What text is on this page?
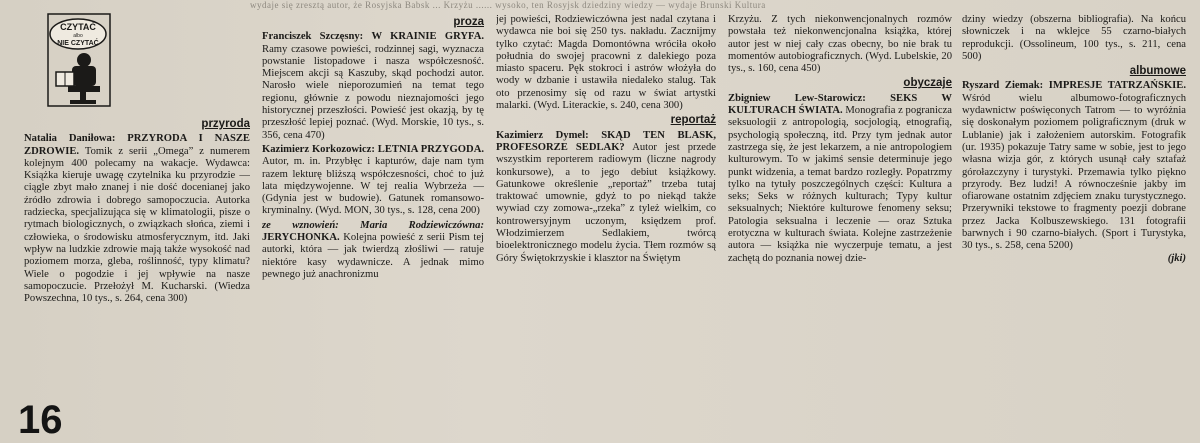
wydaje się zresztą autor, że Rosyjska Babsk ... Krzyżu ...... wysoko, ten Rosyjsk dziedziny wiedzy — wydaje Brunski Kultura
CZYTAĆ
albo
NIE CZYTAĆ
przyroda

Natalia Daniłowa: PRZYRODA I NASZE ZDROWIE. Tomik z serii „Omega” z numerem kolejnym 400 polecamy na wakacje. Wydawca: Książka kieruje uwagę czytelnika ku przyrodzie — ciągle zbyt mało znanej i nie dość docenianej jako źródło zdrowia i dobrego samopoczucia. Autorka radziecka, specjalizująca się w klimatologii, pisze o rytmach biologicznych, o związkach słońca, ziemi i człowieka, o środowisku atmosferycznym, itd. Jaki wpływ na ludzkie zdrowie mają także wysokość nad poziomem morza, gleba, roślinność, typy klimatu? Wiele o pogodzie i jej wpływie na nasze samopoczucie. Przełożył M. Kucharski. (Wiedza Powszechna, 10 tys., s. 264, cena 300)

proza

Franciszek Szczęsny: W KRAINIE GRYFA. Ramy czasowe powieści, rodzinnej sagi, wyznacza powstanie listopadowe i nasza współczesność. Miejscem akcji są Kaszuby, skąd pochodzi autor. Narosło wiele nieporozumień na temat tego regionu, głównie z powodu nieznajomości jego historycznej przeszłości. Powieść jest okazją, by tę przeszłość lepiej poznać. (Wyd. Morskie, 10 tys., s. 356, cena 470)

Kazimierz Korkozowicz: LETNIA PRZYGODA. Autor, m. in. Przybłęc i kapturów, daje nam tym razem lekturę bliższą współczesności, choć to już lata międzywojenne. W tej realia Wybrzeża — (Gdynia jest w budowie). Gatunek romansowo-kryminalny. (Wyd. MON, 30 tys., s. 128, cena 200)

ze wznowień: Maria Rodziewiczówna: JERYCHONKA. Kolejna powieść z serii Pism tej autorki, która — jak twierdzą złośliwi — ratuje niektóre kasy wydawnicze. A jednak mimo pewnego już anachronizmu

jej powieści, Rodziewiczówna jest nadal czytana i wydawca nie boi się 250 tys. nakładu. Zacznijmy tylko czytać: Magda Domontówna wróciła około południa do swojej pracowni z dalekiego poza miasto spaceru. Pęk stokroci i astrów włożyła do wody w dzbanie i ustawiła niedaleko stalug. Tak oto przenosimy się od razu w świat artystki malarki. (Wyd. Literackie, s. 240, cena 300)

reportaż

Kazimierz Dymel: SKĄD TEN BLASK, PROFESORZE SEDLAK? Autor jest przede wszystkim reporterem radiowym (liczne nagrody konkursowe), a to jego debiut książkowy. Gatunkowe określenie „reportaż” trzeba tutaj traktować umownie, gdyż to po niekąd także wywiad czy zomowa-„rzeka” z tyleż wielkim, co kontrowersyjnym uczonym, księdzem prof. Włodzimierzem Sedlakiem, twórcą bioelektronicznego modelu życia. Tłem rozmów są Góry Świętokrzyskie i klasztor na Świętym

Krzyżu. Z tych niekonwencjonalnych rozmów powstała też niekonwencjonalna książka, której autor jest w niej cały czas obecny, bo nie brak tu momentów autobiograficznych. (Wyd. Lubelskie, 20 tys., s. 160, cena 450)

obyczaje

Zbigniew Lew-Starowicz: SEKS W KULTURACH ŚWIATA. Monografia z pogranicza seksuologii z antropologią, socjologią, etnografią, psychologią społeczną, itd. Przy tym jednak autor zastrzega się, że jest lekarzem, a nie antropologiem kulturowym. To w jakimś sensie determinuje jego punkt widzenia, a temat bardzo rozległy. Popatrzmy tylko na tytuły poszczególnych części: Kultura a seks; Seks w różnych kulturach; Typy kultur seksualnych; Niektóre kulturowe fenomeny seksu; Patologia seksualna i leczenie — oraz Sztuka erotyczna w kulturach świata. Kolejne zastrzeżenie autora — książka nie wyczerpuje tematu, a jest zachętą do poznania nowej dzie-

dziny wiedzy (obszerna bibliografia). Na końcu słowniczek i na wklejce 55 czarno-białych reprodukcji. (Ossolineum, 100 tys., s. 211, cena 500)

albumowe

Ryszard Ziemak: IMPRESJE TATRZAŃSKIE. Wśród wielu albumowo-fotograficznych wydawnictw poświęconych Tatrom — to wyróżnia się doskonałym poziomem poligraficznym (druk w Lublanie) jak i założeniem autorskim. Fotografik (ur. 1935) pokazuje Tatry same w sobie, jest to jego własna wizja gór, z których usunął cały sztafaż górołazczyny i turystyki. Przemawia tylko piękno przyrody. Bez ludzi! A równocześnie jakby im ofiarowane ostatnim zdjęciem znaku turystycznego. Przerywniki tekstowe to fragmenty poezji dobrane przez Jacka Kolbuszewskiego. 131 fotografii barwnych i 90 czarno-białych. (Sport i Turystyka, 30 tys., s. 258, cena 5200)

(jki)
16
